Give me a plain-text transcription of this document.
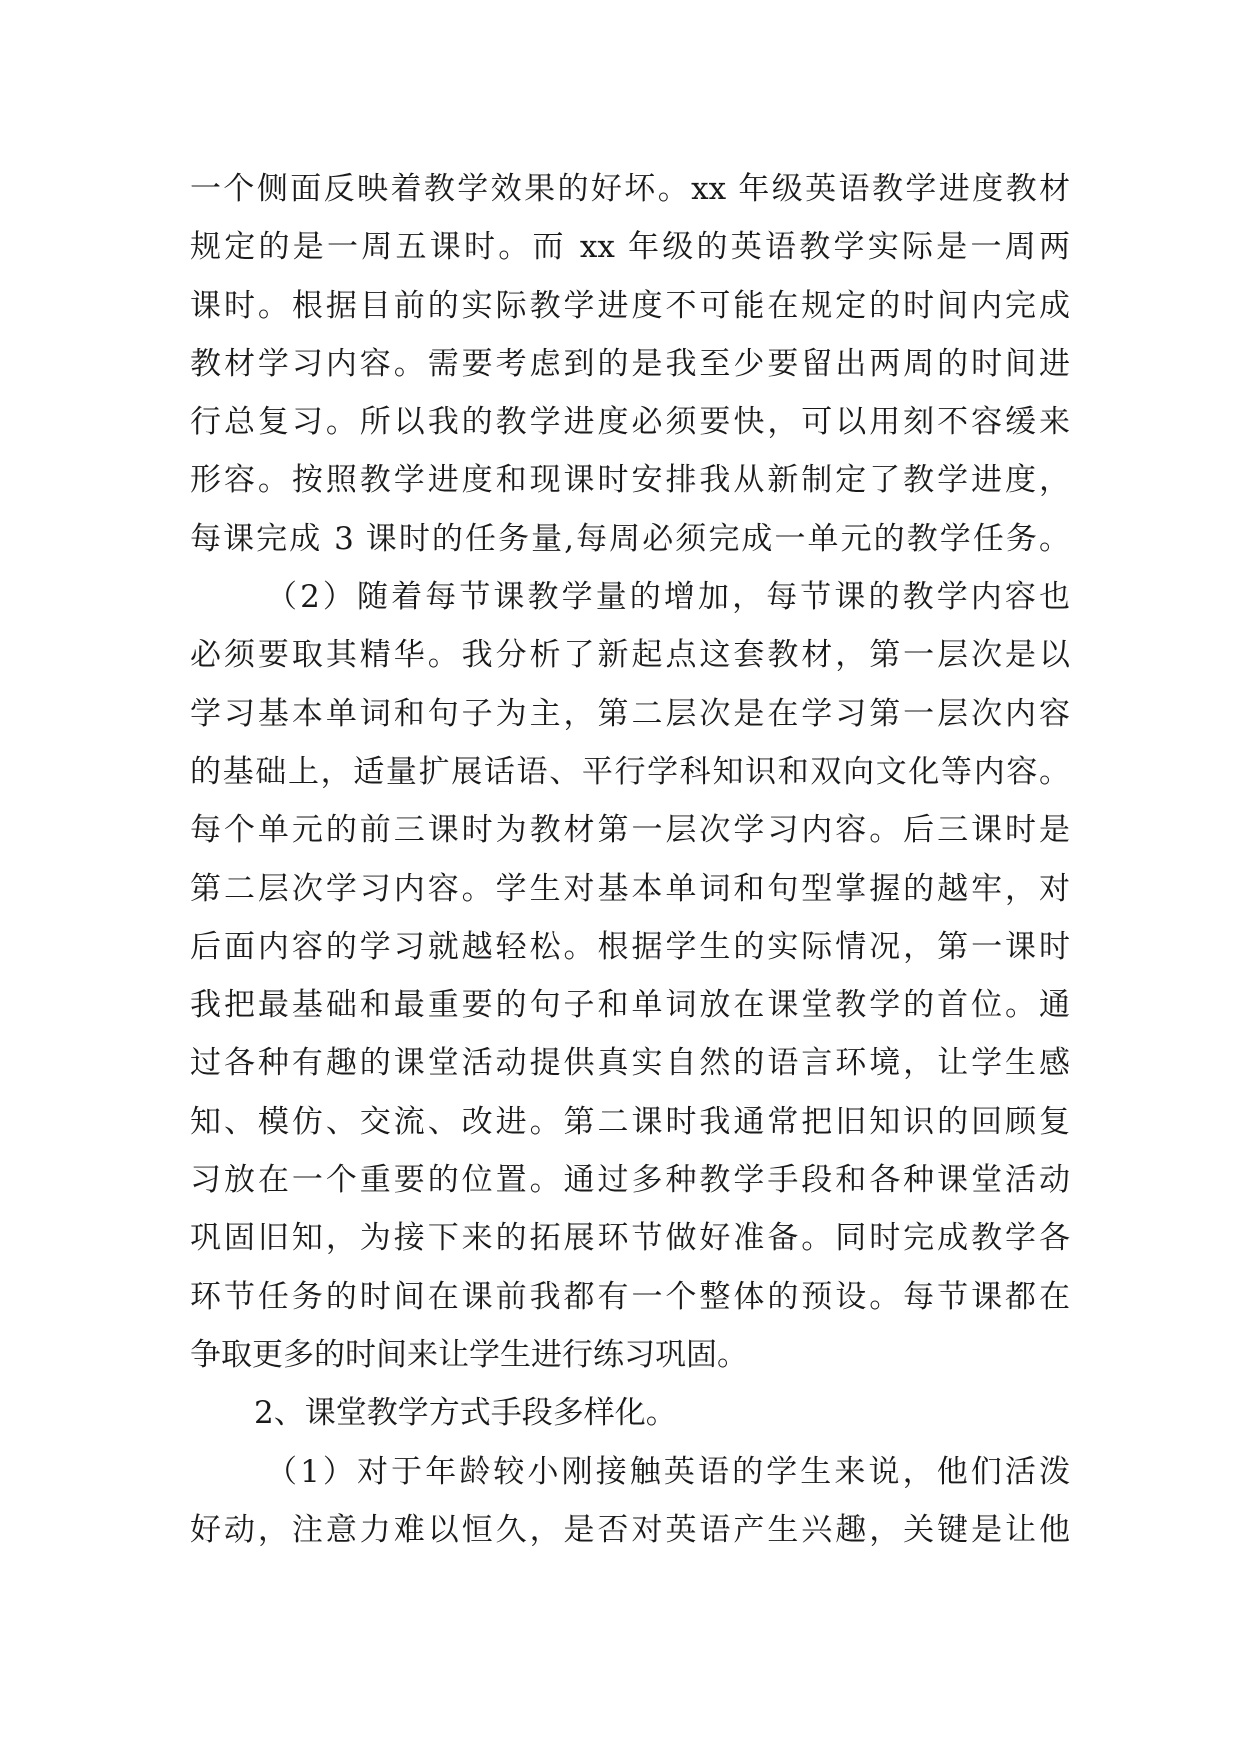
一个侧面反映着教学效果的好坏。xx 年级英语教学进度教材
规定的是一周五课时。而 xx 年级的英语教学实际是一周两
课时。根据目前的实际教学进度不可能在规定的时间内完成
教材学习内容。需要考虑到的是我至少要留出两周的时间进
行总复习。所以我的教学进度必须要快，可以用刻不容缓来
形容。按照教学进度和现课时安排我从新制定了教学进度，
每课完成 3 课时的任务量,每周必须完成一单元的教学任务。
（2）随着每节课教学量的增加，每节课的教学内容也
必须要取其精华。我分析了新起点这套教材，第一层次是以
学习基本单词和句子为主，第二层次是在学习第一层次内容
的基础上，适量扩展话语、平行学科知识和双向文化等内容。
每个单元的前三课时为教材第一层次学习内容。后三课时是
第二层次学习内容。学生对基本单词和句型掌握的越牢，对
后面内容的学习就越轻松。根据学生的实际情况，第一课时
我把最基础和最重要的句子和单词放在课堂教学的首位。通
过各种有趣的课堂活动提供真实自然的语言环境，让学生感
知、模仿、交流、改进。第二课时我通常把旧知识的回顾复
习放在一个重要的位置。通过多种教学手段和各种课堂活动
巩固旧知，为接下来的拓展环节做好准备。同时完成教学各
环节任务的时间在课前我都有一个整体的预设。每节课都在
争取更多的时间来让学生进行练习巩固。
2、课堂教学方式手段多样化。
（1）对于年龄较小刚接触英语的学生来说，他们活泼
好动，注意力难以恒久，是否对英语产生兴趣，关键是让他
